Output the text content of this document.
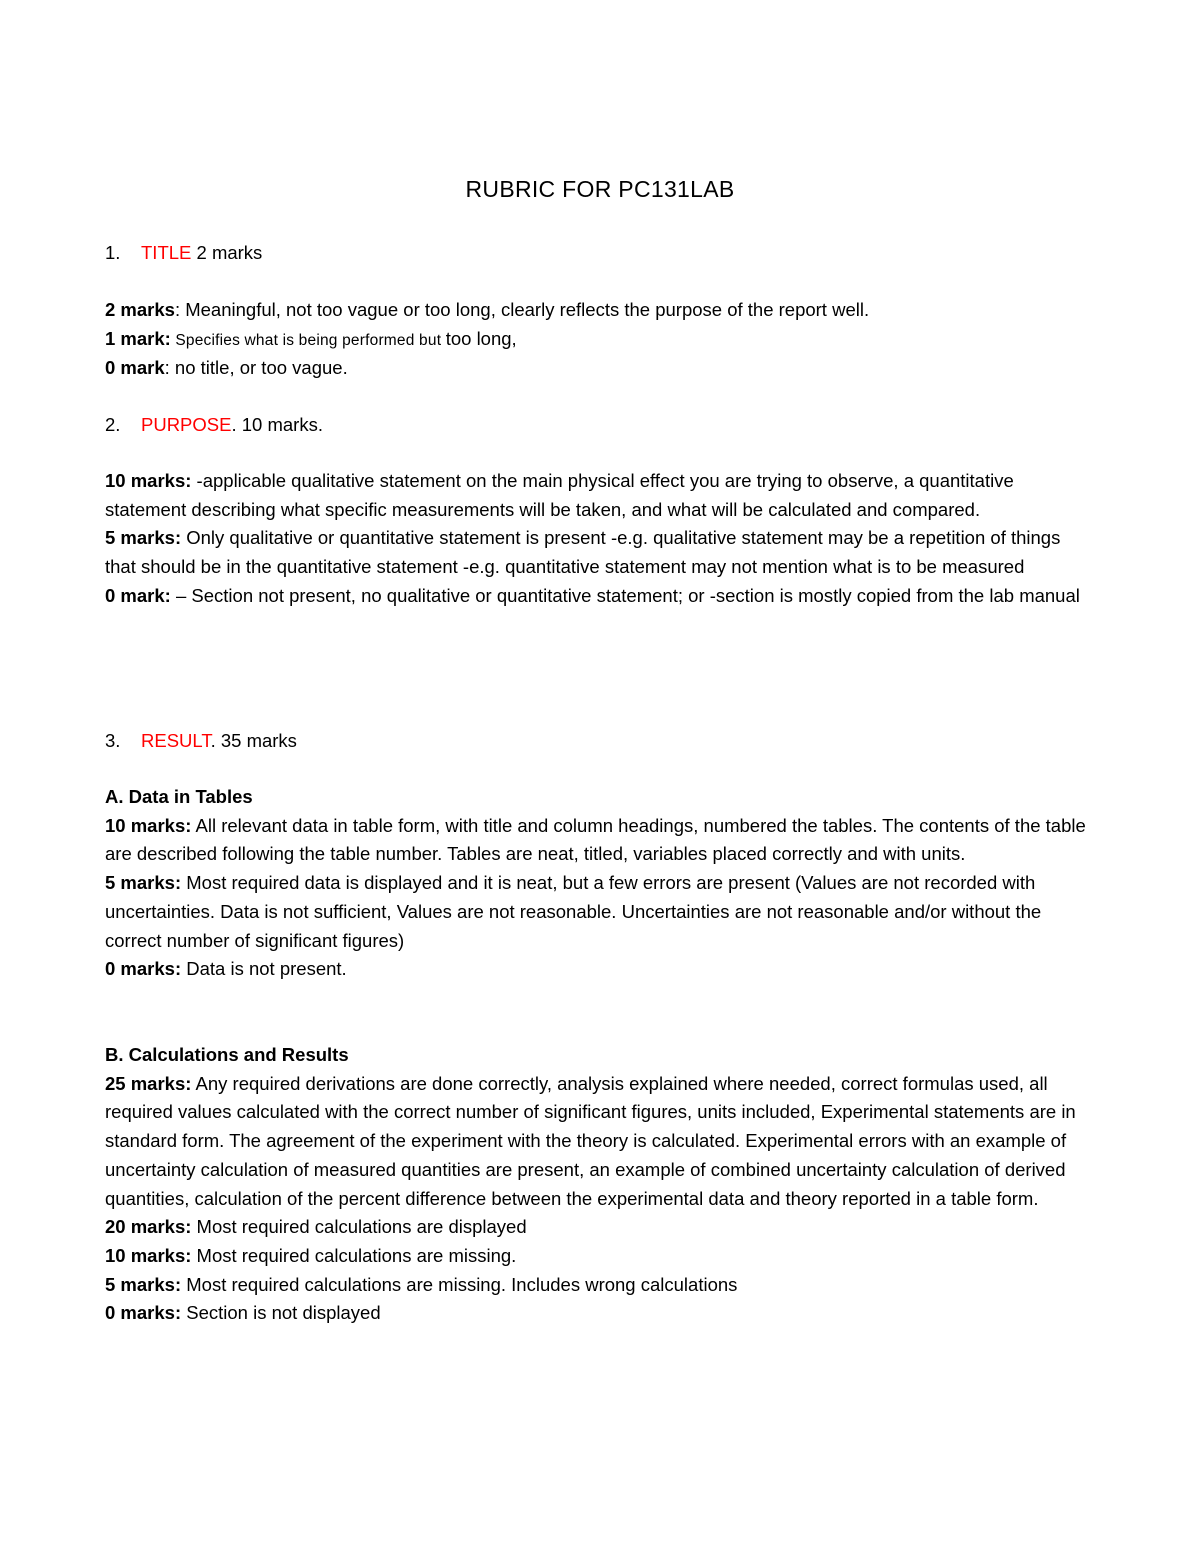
RUBRIC FOR PC131LAB
1. TITLE 2 marks
2 marks: Meaningful, not too vague or too long, clearly reflects the purpose of the report well.
1 mark: Specifies what is being performed but too long,
0 mark: no title, or too vague.
2. PURPOSE. 10 marks.
10 marks: -applicable qualitative statement on the main physical effect you are trying to observe, a quantitative statement describing what specific measurements will be taken, and what will be calculated and compared.
5 marks: Only qualitative or quantitative statement is present -e.g. qualitative statement may be a repetition of things that should be in the quantitative statement -e.g. quantitative statement may not mention what is to be measured
0 mark: – Section not present, no qualitative or quantitative statement; or -section is mostly copied from the lab manual
3. RESULT. 35 marks
A. Data in Tables
10 marks: All relevant data in table form, with title and column headings, numbered the tables. The contents of the table are described following the table number. Tables are neat, titled, variables placed correctly and with units.
5 marks: Most required data is displayed and it is neat, but a few errors are present (Values are not recorded with uncertainties. Data is not sufficient, Values are not reasonable. Uncertainties are not reasonable and/or without the correct number of significant figures)
0 marks: Data is not present.
B. Calculations and Results
25 marks: Any required derivations are done correctly, analysis explained where needed, correct formulas used, all required values calculated with the correct number of significant figures, units included, Experimental statements are in standard form. The agreement of the experiment with the theory is calculated. Experimental errors with an example of uncertainty calculation of measured quantities are present, an example of combined uncertainty calculation of derived quantities, calculation of the percent difference between the experimental data and theory reported in a table form.
20 marks: Most required calculations are displayed
10 marks: Most required calculations are missing.
5 marks: Most required calculations are missing. Includes wrong calculations
0 marks: Section is not displayed
